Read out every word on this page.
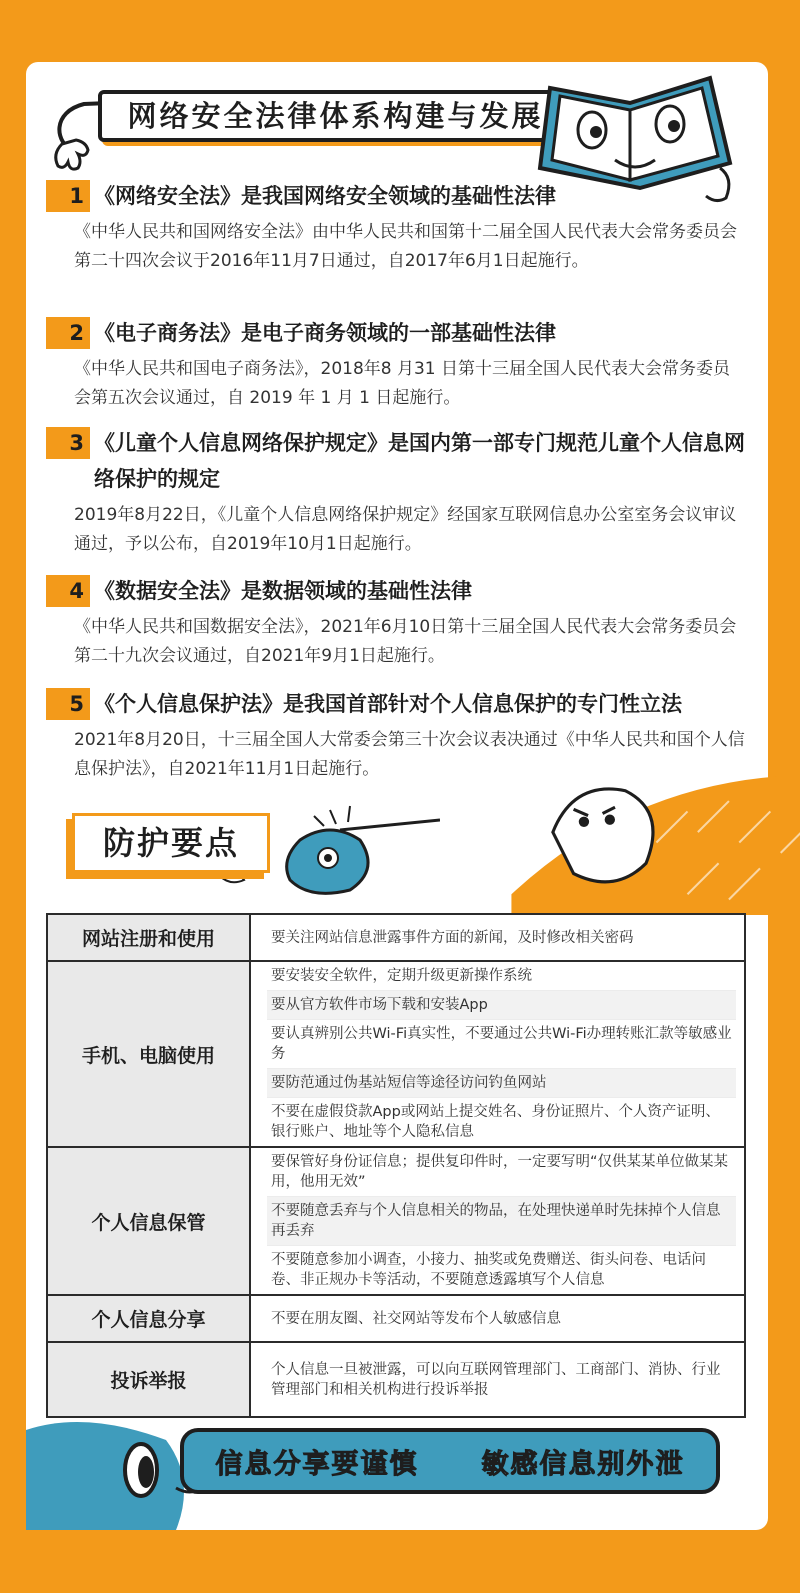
网络安全法律体系构建与发展
1 《网络安全法》是我国网络安全领域的基础性法律
《中华人民共和国网络安全法》由中华人民共和国第十二届全国人民代表大会常务委员会第二十四次会议于2016年11月7日通过，自2017年6月1日起施行。
2 《电子商务法》是电子商务领域的一部基础性法律
《中华人民共和国电子商务法》，2018年8 月31 日第十三届全国人民代表大会常务委员会第五次会议通过，自 2019 年 1 月 1 日起施行。
3 《儿童个人信息网络保护规定》是国内第一部专门规范儿童个人信息网络保护的规定
2019年8月22日，《儿童个人信息网络保护规定》经国家互联网信息办公室室务会议审议通过，予以公布，自2019年10月1日起施行。
4 《数据安全法》是数据领域的基础性法律
《中华人民共和国数据安全法》，2021年6月10日第十三届全国人民代表大会常务委员会第二十九次会议通过，自2021年9月1日起施行。
5 《个人信息保护法》是我国首部针对个人信息保护的专门性立法
2021年8月20日，十三届全国人大常委会第三十次会议表决通过《中华人民共和国个人信息保护法》，自2021年11月1日起施行。
防护要点
网站注册和使用	要关注网站信息泄露事件方面的新闻，及时修改相关密码

手机、电脑使用	要安装安全软件，定期升级更新操作系统
要从官方软件市场下载和安装App
要认真辨别公共Wi-Fi真实性，不要通过公共Wi-Fi办理转账汇款等敏感业务
要防范通过伪基站短信等途径访问钓鱼网站
不要在虚假贷款App或网站上提交姓名、身份证照片、个人资产证明、银行账户、地址等个人隐私信息

个人信息保管	要保管好身份证信息；提供复印件时，一定要写明“仅供某某单位做某某用，他用无效”
不要随意丢弃与个人信息相关的物品，在处理快递单时先抹掉个人信息再丢弃
不要随意参加小调查，小接力、抽奖或免费赠送、街头问卷、电话问卷、非正规办卡等活动，不要随意透露填写个人信息

个人信息分享	不要在朋友圈、社交网站等发布个人敏感信息

投诉举报	个人信息一旦被泄露，可以向互联网管理部门、工商部门、消协、行业管理部门和相关机构进行投诉举报
信息分享要谨慎 敏感信息别外泄
